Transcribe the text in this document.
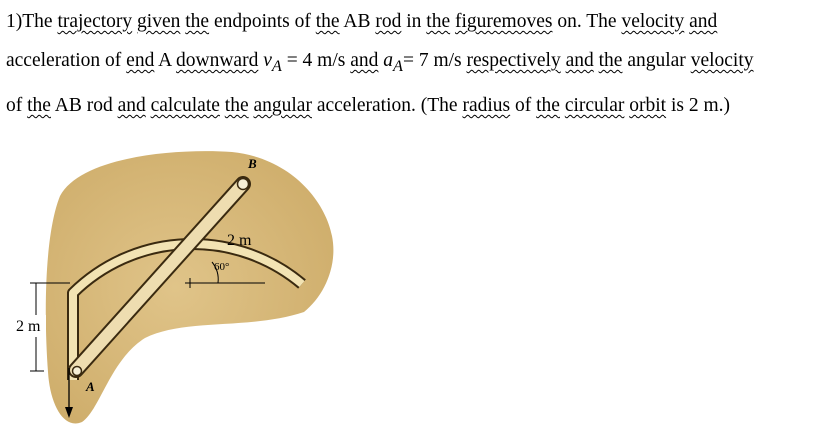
1)The trajectory given the endpoints of the AB rod in the figuremoves on. The velocity and
acceleration of end A downward $v_A = 4$ m/s and $a_A= 7$ m/s respectively and the angular velocity
of the AB rod and calculate the angular acceleration. (The radius of the circular orbit is 2 m.)
B
A
2 m
60°
2 m
